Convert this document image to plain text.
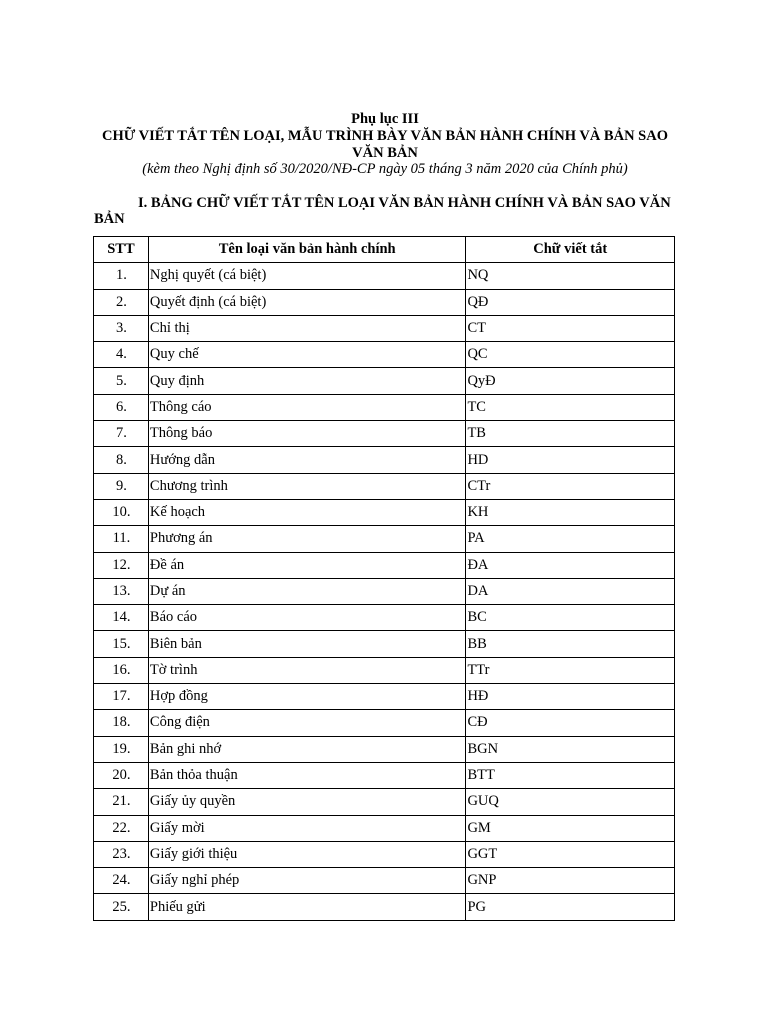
Phụ lục III
CHỮ VIẾT TẮT TÊN LOẠI, MẪU TRÌNH BÀY VĂN BẢN HÀNH CHÍNH VÀ BẢN SAO VĂN BẢN
(kèm theo Nghị định số 30/2020/NĐ-CP ngày 05 tháng 3 năm 2020 của Chính phủ)
I. BẢNG CHỮ VIẾT TẮT TÊN LOẠI VĂN BẢN HÀNH CHÍNH VÀ BẢN SAO VĂN BẢN
STT	Tên loại văn bản hành chính	Chữ viết tắt
1.	Nghị quyết (cá biệt)	NQ
2.	Quyết định (cá biệt)	QĐ
3.	Chỉ thị	CT
4.	Quy chế	QC
5.	Quy định	QyĐ
6.	Thông cáo	TC
7.	Thông báo	TB
8.	Hướng dẫn	HD
9.	Chương trình	CTr
10.	Kế hoạch	KH
11.	Phương án	PA
12.	Đề án	ĐA
13.	Dự án	DA
14.	Báo cáo	BC
15.	Biên bản	BB
16.	Tờ trình	TTr
17.	Hợp đồng	HĐ
18.	Công điện	CĐ
19.	Bản ghi nhớ	BGN
20.	Bản thỏa thuận	BTT
21.	Giấy ủy quyền	GUQ
22.	Giấy mời	GM
23.	Giấy giới thiệu	GGT
24.	Giấy nghỉ phép	GNP
25.	Phiếu gửi	PG
